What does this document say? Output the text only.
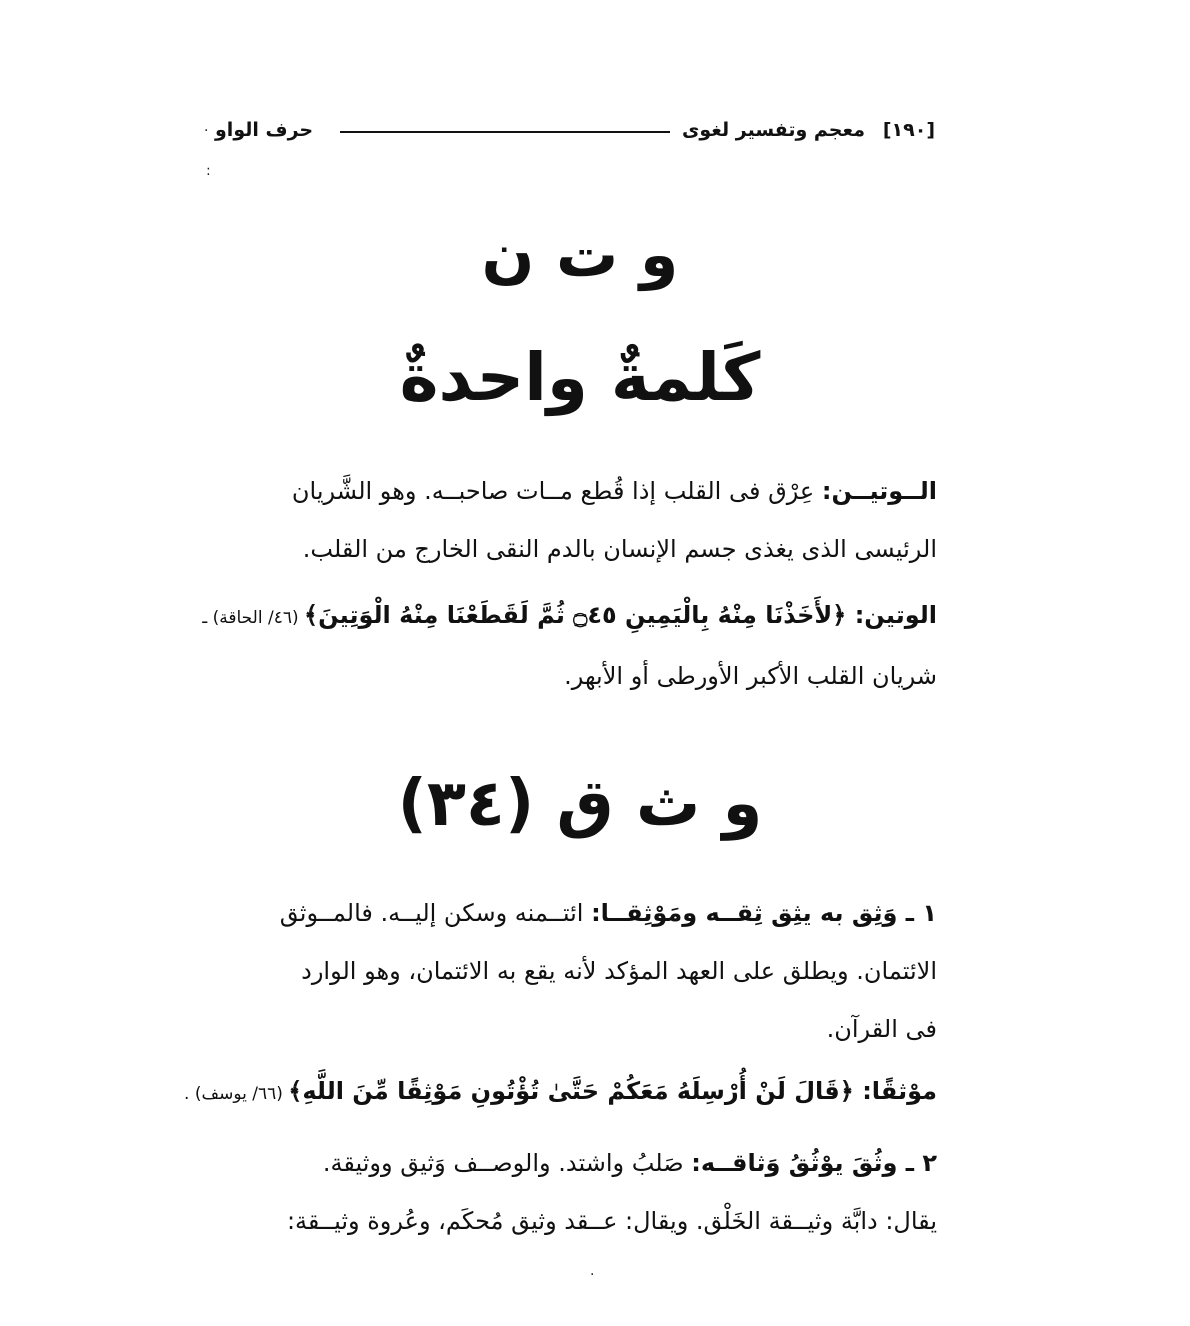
[١٩٠]
معجم وتفسير لغوى
حرف الواو
·
:
و ت ن
كَلمةٌ واحدةٌ
الــوتيــن: عِرْق فى القلب إذا قُطع مــات صاحبــه. وهو الشَّريان
الرئيسى الذى يغذى جسم الإنسان بالدم النقى الخارج من القلب.
الوتين: ﴿لأَخَذْنَا مِنْهُ بِالْيَمِينِ ۝٤٥ ثُمَّ لَقَطَعْنَا مِنْهُ الْوَتِينَ﴾ (٤٦/ الحاقة) ـ
شريان القلب الأكبر الأورطى أو الأبهر.
و ث ق (٣٤)
١ ـ وَثِق به يثِق ثِقــه ومَوْثِقــا: ائتــمنه وسكن إليــه. فالمــوثق
الائتمان. ويطلق على العهد المؤكد لأنه يقع به الائتمان، وهو الوارد
فى القرآن.
موْثقًا: ﴿قَالَ لَنْ أُرْسِلَهُ مَعَكُمْ حَتَّىٰ تُؤْتُونِ مَوْثِقًا مِّنَ اللَّهِ﴾ (٦٦/ يوسف) .
٢ ـ وثُقَ يوْثُقُ وَثاقــه: صَلبُ واشتد. والوصــف وَثيق ووثيقة.
يقال: دابَّة وثيــقة الخَلْق. ويقال: عــقد وثيق مُحكَم، وعُروة وثيــقة:
·
